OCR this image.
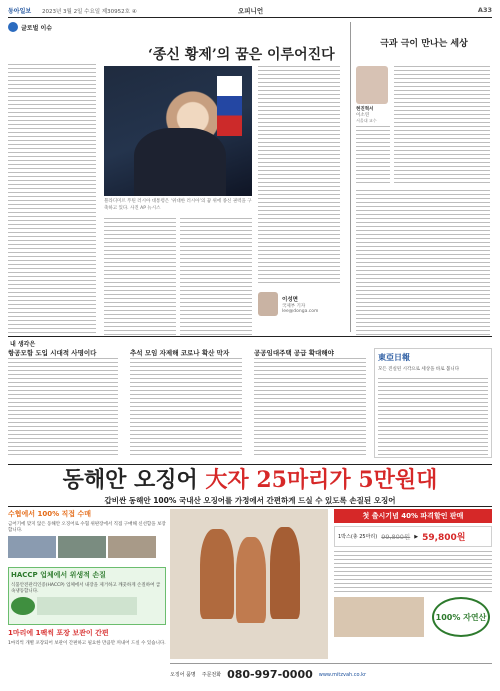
동아일보 2023년 3월 2일 수요일 제30952호 ④	오피니언	A33
글로벌 이슈
‘종신 황제’의 꿈은 이루어진다
블라디미르 푸틴 러시아 대통령은 ‘위대한 러시아’의 꿈 위에 종신 권력을 구축하고 있다. 사진 AP 뉴시스
이성면
국제부 기자
lee@donga.com
극과 극이 만나는 세상
현진혁서
이소연
서울대 교수
내 생각은
항공모함 도입 시대적 사명이다	추석 모임 자제해 코로나 확산 막자	공공임대주택 공급 확대해야	東亞日報
모든 진실된 시각으로 세상을 바로 봅니다
동해안 오징어 大자 25마리가 5만원대
갑비싼 동해안 100% 국내산 오징어를 가정에서 간편하게 드실 수 있도록 손질된 오징어
수협에서 100% 직접 수매
금어기에 맞지 않은 동해안 오징어로 수협 위판장에서 직접 구매해 신선함을 보장합니다.
HACCP 업체에서 위생적 손질
식품안전관리인증(HACCP) 업체에서 내장을 제거하고 깨끗하게 손질하여 급속냉동합니다.
1마리에 1팩씩 포장 보관이 간편
1마리씩 개별 포장되어 보관이 간편하고 필요한 만큼만 꺼내어 드실 수 있습니다.
첫 출시기념 40% 파격할인 판매
1박스(총 25마리) 99,800원 ▶ 59,800원
100% 자연산
오징어 품명 주문전화 080-997-0000 www.mitzvah.co.kr
